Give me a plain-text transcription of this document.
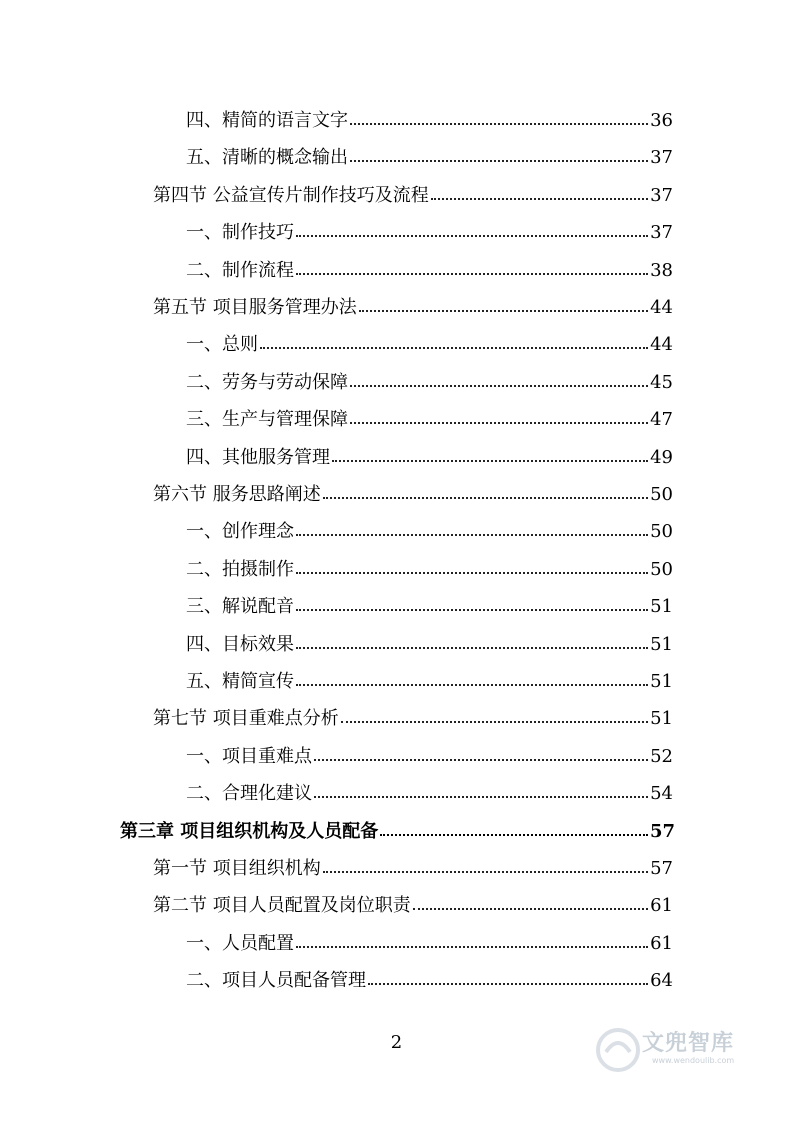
四、精简的语言文字	36
五、清晰的概念输出	37
第四节 公益宣传片制作技巧及流程	37
一、制作技巧	37
二、制作流程	38
第五节 项目服务管理办法	44
一、总则	44
二、劳务与劳动保障	45
三、生产与管理保障	47
四、其他服务管理	49
第六节 服务思路阐述	50
一、创作理念	50
二、拍摄制作	50
三、解说配音	51
四、目标效果	51
五、精简宣传	51
第七节 项目重难点分析	51
一、项目重难点	52
二、合理化建议	54
第三章 项目组织机构及人员配备	57
第一节 项目组织机构	57
第二节 项目人员配置及岗位职责	61
一、人员配置	61
二、项目人员配备管理	64
2	文兜智库
www.wendoulib.com
